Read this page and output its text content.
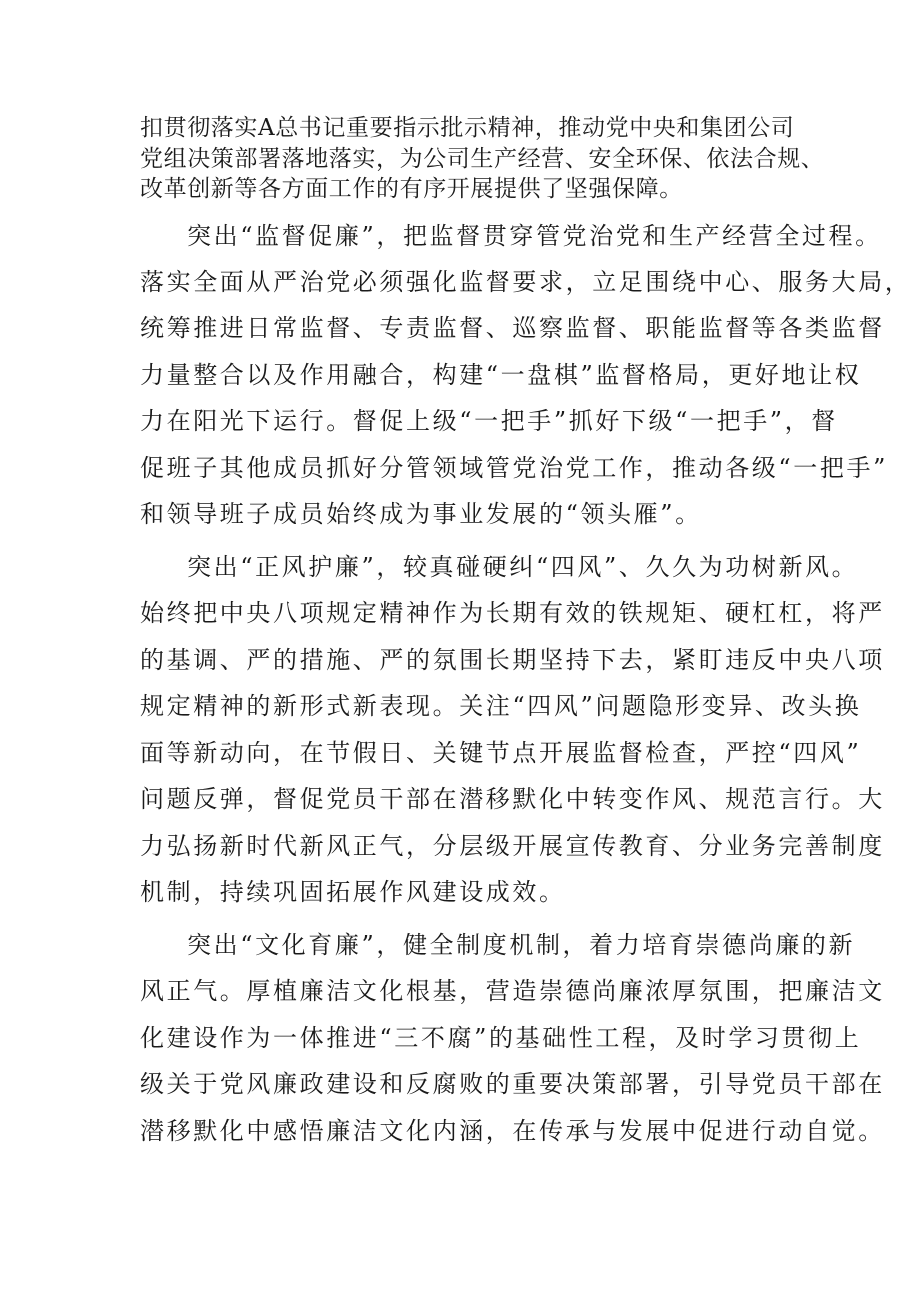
扣贯彻落实A总书记重要指示批示精神，推动党中央和集团公司
党组决策部署落地落实，为公司生产经营、安全环保、依法合规、
改革创新等各方面工作的有序开展提供了坚强保障。
突出“监督促廉”，把监督贯穿管党治党和生产经营全过程。
落实全面从严治党必须强化监督要求，立足围绕中心、服务大局，
统筹推进日常监督、专责监督、巡察监督、职能监督等各类监督
力量整合以及作用融合，构建“一盘棋”监督格局，更好地让权
力在阳光下运行。督促上级“一把手”抓好下级“一把手”，督
促班子其他成员抓好分管领域管党治党工作，推动各级“一把手”
和领导班子成员始终成为事业发展的“领头雁”。
突出“正风护廉”，较真碰硬纠“四风”、久久为功树新风。
始终把中央八项规定精神作为长期有效的铁规矩、硬杠杠，将严
的基调、严的措施、严的氛围长期坚持下去，紧盯违反中央八项
规定精神的新形式新表现。关注“四风”问题隐形变异、改头换
面等新动向，在节假日、关键节点开展监督检查，严控“四风”
问题反弹，督促党员干部在潜移默化中转变作风、规范言行。大
力弘扬新时代新风正气，分层级开展宣传教育、分业务完善制度
机制，持续巩固拓展作风建设成效。
突出“文化育廉”，健全制度机制，着力培育崇德尚廉的新
风正气。厚植廉洁文化根基，营造崇德尚廉浓厚氛围，把廉洁文
化建设作为一体推进“三不腐”的基础性工程，及时学习贯彻上
级关于党风廉政建设和反腐败的重要决策部署，引导党员干部在
潜移默化中感悟廉洁文化内涵，在传承与发展中促进行动自觉。
